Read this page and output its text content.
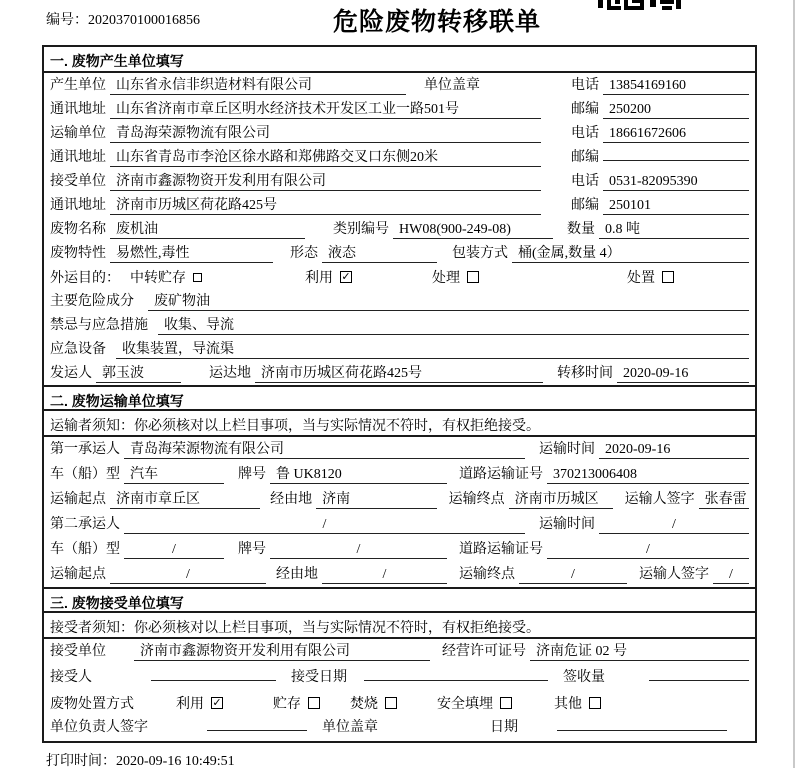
编号：2020370100016856	危险废物转移联单
一. 废物产生单位填写
产生单位 山东省永信非织造材料有限公司	单位盖章	电话 13854169160
通讯地址 山东省济南市章丘区明水经济技术开发区工业一路501号	邮编 250200
运输单位 青岛海荣源物流有限公司	电话 18661672606
通讯地址 山东省青岛市李沧区徐水路和郑佛路交叉口东侧20米	邮编
接受单位 济南市鑫源物资开发利用有限公司	电话 0531-82095390
通讯地址 济南市历城区荷花路425号	邮编 250101
废物名称 废机油	类别编号 HW08(900-249-08)	数量 0.8 吨
废物特性 易燃性,毒性	形态 液态	包装方式 桶(金属,数量 4）
外运目的： 中转贮存	利用 ✓	处理	处置
主要危险成分	废矿物油
禁忌与应急措施	收集、导流
应急设备	收集装置，导流渠
发运人 郭玉波	运达地 济南市历城区荷花路425号	转移时间 2020-09-16
二. 废物运输单位填写
运输者须知：你必须核对以上栏目事项，当与实际情况不符时，有权拒绝接受。
第一承运人 青岛海荣源物流有限公司	运输时间 2020-09-16
车（船）型 汽车	牌号 鲁 UK8120	道路运输证号 370213006408
运输起点 济南市章丘区	经由地 济南	运输终点 济南市历城区	运输人签字 张春雷
第二承运人	/	运输时间	/
车（船）型	/	牌号	/	道路运输证号	/
运输起点	/	经由地	/	运输终点	/	运输人签字	/
三. 废物接受单位填写
接受者须知：你必须核对以上栏目事项，当与实际情况不符时，有权拒绝接受。
接受单位	济南市鑫源物资开发利用有限公司	经营许可证号 济南危证 02 号
接受人	接受日期	签收量
废物处置方式	利用 ✓	贮存	焚烧	安全填埋	其他
单位负责人签字	单位盖章	日期
打印时间：2020-09-16 10:49:51
